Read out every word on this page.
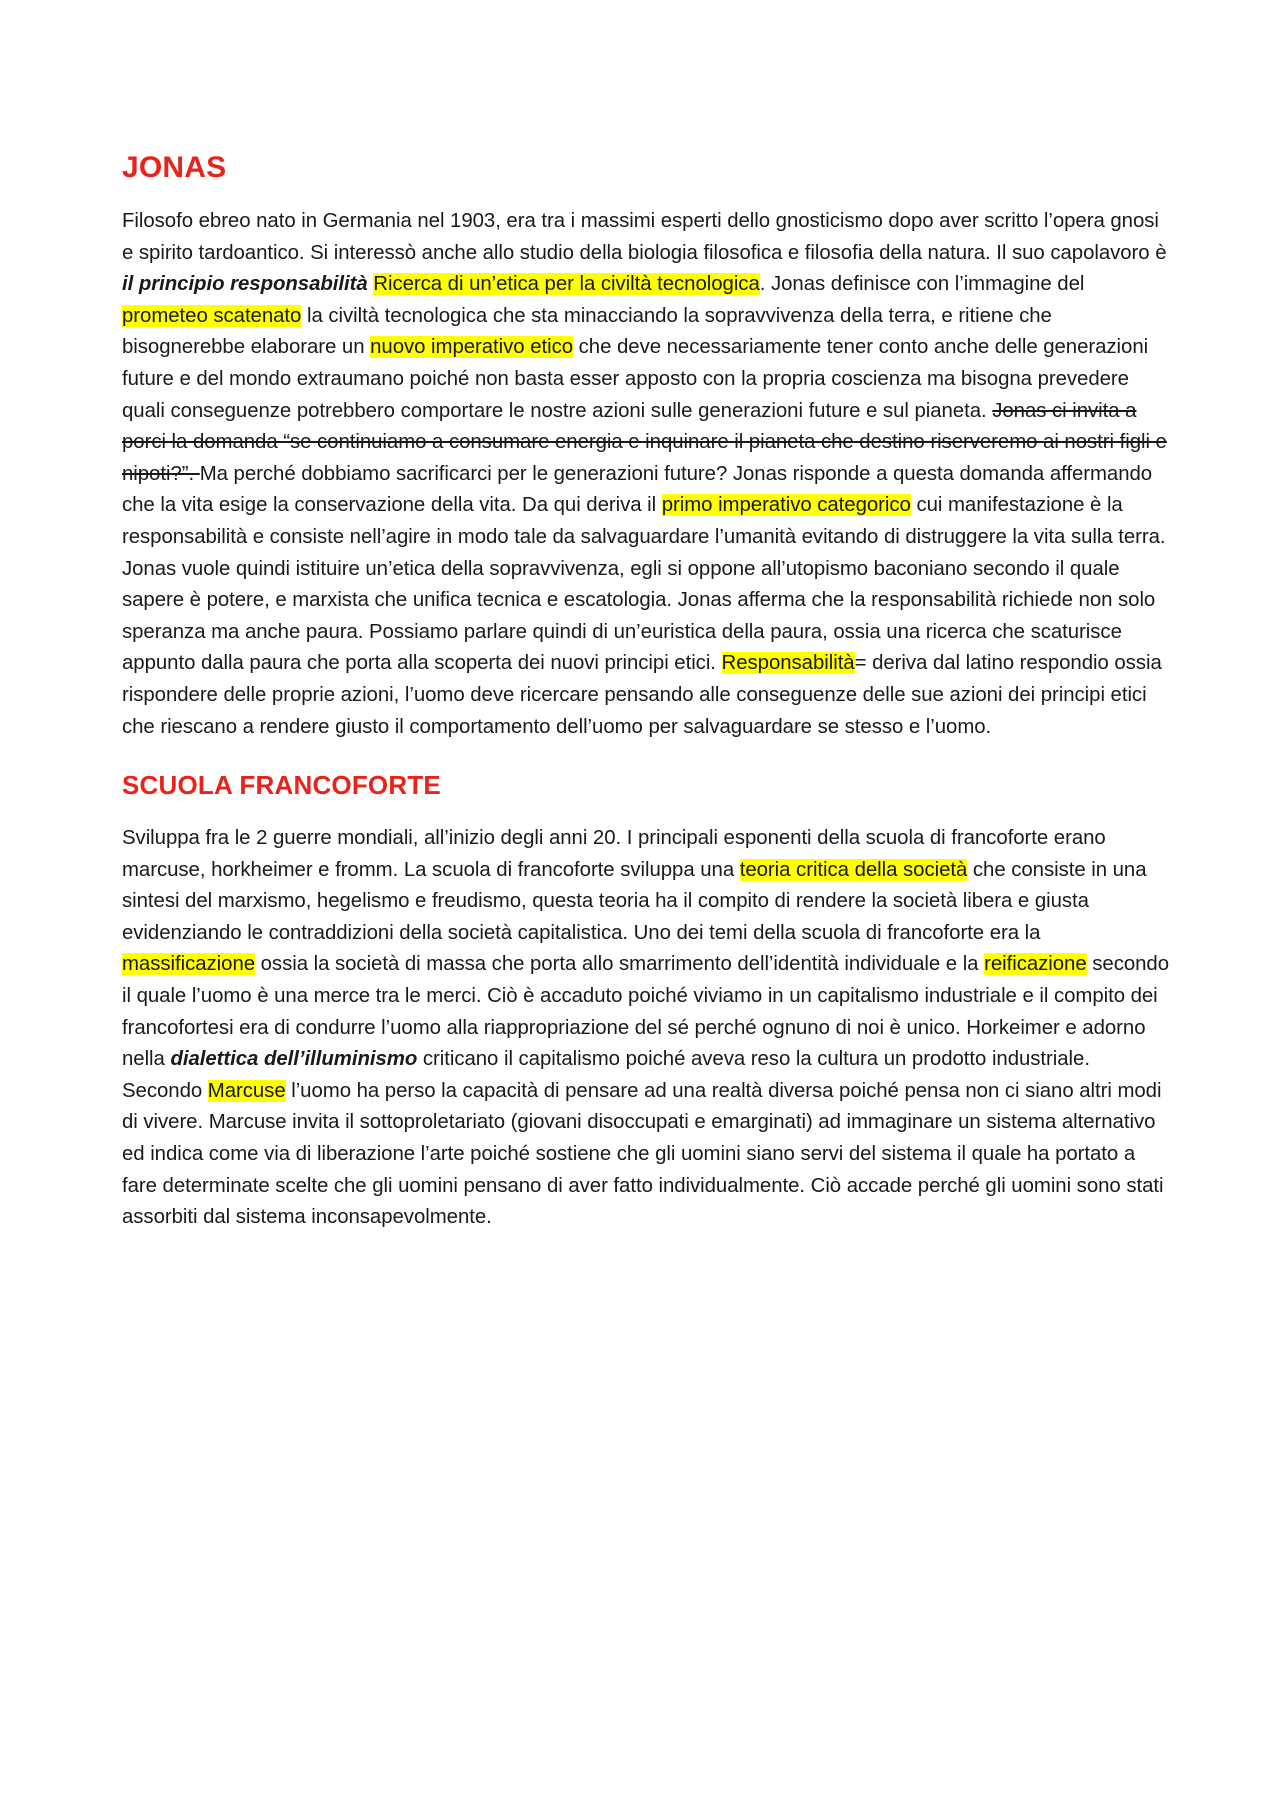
JONAS

Filosofo ebreo nato in Germania nel 1903, era tra i massimi esperti dello gnosticismo dopo aver scritto l’opera gnosi e spirito tardoantico. Si interessò anche allo studio della biologia filosofica e filosofia della natura. Il suo capolavoro è il principio responsabilità Ricerca di un’etica per la civiltà tecnologica. Jonas definisce con l’immagine del prometeo scatenato la civiltà tecnologica che sta minacciando la sopravvivenza della terra, e ritiene che bisognerebbe elaborare un nuovo imperativo etico che deve necessariamente tener conto anche delle generazioni future e del mondo extraumano poiché non basta esser apposto con la propria coscienza ma bisogna prevedere quali conseguenze potrebbero comportare le nostre azioni sulle generazioni future e sul pianeta. Jonas ci invita a porci la domanda “se continuiamo a consumare energia e inquinare il pianeta che destino riserveremo ai nostri figli e nipoti?”. Ma perché dobbiamo sacrificarci per le generazioni future? Jonas risponde a questa domanda affermando che la vita esige la conservazione della vita. Da qui deriva il primo imperativo categorico cui manifestazione è la responsabilità e consiste nell’agire in modo tale da salvaguardare l’umanità evitando di distruggere la vita sulla terra. Jonas vuole quindi istituire un’etica della sopravvivenza, egli si oppone all’utopismo baconiano secondo il quale sapere è potere, e marxista che unifica tecnica e escatologia. Jonas afferma che la responsabilità richiede non solo speranza ma anche paura. Possiamo parlare quindi di un’euristica della paura, ossia una ricerca che scaturisce appunto dalla paura che porta alla scoperta dei nuovi principi etici. Responsabilità= deriva dal latino respondio ossia rispondere delle proprie azioni, l’uomo deve ricercare pensando alle conseguenze delle sue azioni dei principi etici che riescano a rendere giusto il comportamento dell’uomo per salvaguardare se stesso e l’uomo.

SCUOLA FRANCOFORTE

Sviluppa fra le 2 guerre mondiali, all’inizio degli anni 20. I principali esponenti della scuola di francoforte erano marcuse, horkheimer e fromm. La scuola di francoforte sviluppa una teoria critica della società che consiste in una sintesi del marxismo, hegelismo e freudismo, questa teoria ha il compito di rendere la società libera e giusta evidenziando le contraddizioni della società capitalistica. Uno dei temi della scuola di francoforte era la massificazione ossia la società di massa che porta allo smarrimento dell’identità individuale e la reificazione secondo il quale l’uomo è una merce tra le merci. Ciò è accaduto poiché viviamo in un capitalismo industriale e il compito dei francofortesi era di condurre l’uomo alla riappropriazione del sé perché ognuno di noi è unico. Horkeimer e adorno nella dialettica dell’illuminismo criticano il capitalismo poiché aveva reso la cultura un prodotto industriale. Secondo Marcuse l’uomo ha perso la capacità di pensare ad una realtà diversa poiché pensa non ci siano altri modi di vivere. Marcuse invita il sottoproletariato (giovani disoccupati e emarginati) ad immaginare un sistema alternativo ed indica come via di liberazione l’arte poiché sostiene che gli uomini siano servi del sistema il quale ha portato a fare determinate scelte che gli uomini pensano di aver fatto individualmente. Ciò accade perché gli uomini sono stati assorbiti dal sistema inconsapevolmente.
